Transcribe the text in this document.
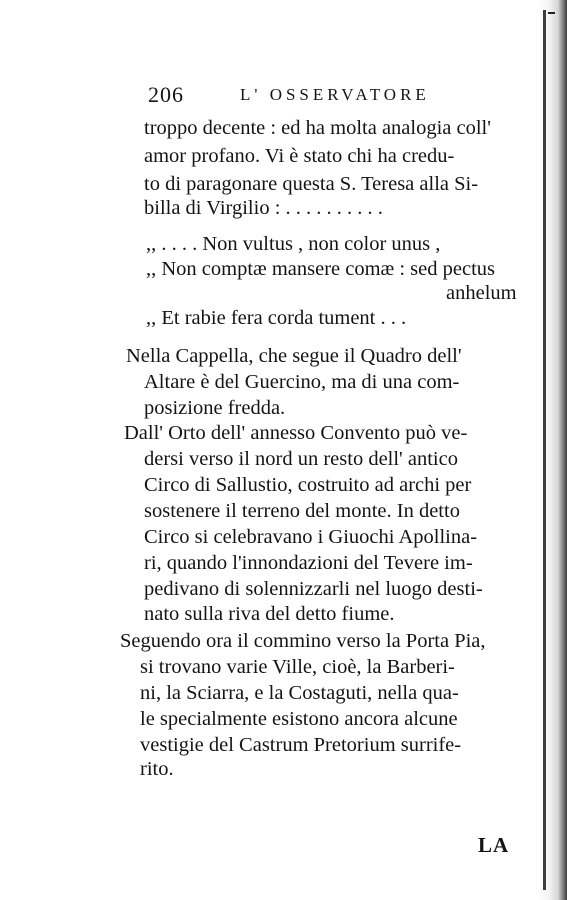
206	L' OSSERVATORE
troppo decente : ed ha molta analogia coll'
amor profano. Vi è stato chi ha credu-
to di paragonare questa S. Teresa alla Si-
billa di Virgilio : . . . . . . . . . .
,, . . . . Non vultus , non color unus ,
,, Non comptæ mansere comæ : sed pectus
anhelum
,, Et rabie fera corda tument . . .
Nella Cappella, che segue il Quadro dell'
Altare è del Guercino, ma di una com-
posizione fredda.
Dall' Orto dell' annesso Convento può ve-
dersi verso il nord un resto dell' antico
Circo di Sallustio, costruito ad archi per
sostenere il terreno del monte. In detto
Circo si celebravano i Giuochi Apollina-
ri, quando l'innondazioni del Tevere im-
pedivano di solennizzarli nel luogo desti-
nato sulla riva del detto fiume.
Seguendo ora il commino verso la Porta Pia,
si trovano varie Ville, cioè, la Barberi-
ni, la Sciarra, e la Costaguti, nella qua-
le specialmente esistono ancora alcune
vestigie del Castrum Pretorium surrife-
rito.
LA
